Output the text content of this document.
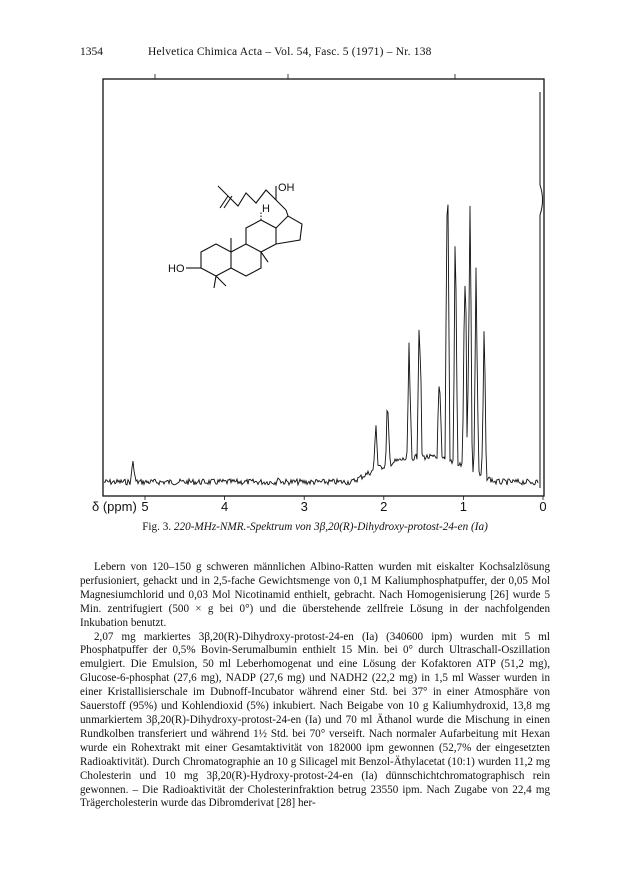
1354	Helvetica Chimica Acta – Vol. 54, Fasc. 5 (1971) – Nr. 138
OH
H
HO
δ (ppm) 5	4	3	2	1	0
Fig. 3. 220-MHz-NMR.-Spektrum von 3β,20(R)-Dihydroxy-protost-24-en (Ia)

Lebern von 120–150 g schweren männlichen Albino-Ratten wurden mit eiskalter Kochsalzlösung perfusioniert, gehackt und in 2,5-fache Gewichtsmenge von 0,1 M Kaliumphosphatpuffer, der 0,05 Mol Magnesiumchlorid und 0,03 Mol Nicotinamid enthielt, gebracht. Nach Homogenisierung [26] wurde 5 Min. zentrifugiert (500 × g bei 0°) und die überstehende zellfreie Lösung in der nachfolgenden Inkubation benutzt.

2,07 mg markiertes 3β,20(R)-Dihydroxy-protost-24-en (Ia) (340600 ipm) wurden mit 5 ml Phosphatpuffer der 0,5% Bovin-Serumalbumin enthielt 15 Min. bei 0° durch Ultraschall-Oszillation emulgiert. Die Emulsion, 50 ml Leberhomogenat und eine Lösung der Kofaktoren ATP (51,2 mg), Glucose-6-phosphat (27,6 mg), NADP (27,6 mg) und NADH2 (22,2 mg) in 1,5 ml Wasser wurden in einer Kristallisierschale im Dubnoff-Incubator während einer Std. bei 37° in einer Atmosphäre von Sauerstoff (95%) und Kohlendioxid (5%) inkubiert. Nach Beigabe von 10 g Kaliumhydroxid, 13,8 mg unmarkiertem 3β,20(R)-Dihydroxy-protost-24-en (Ia) und 70 ml Äthanol wurde die Mischung in einen Rundkolben transferiert und während 1½ Std. bei 70° verseift. Nach normaler Aufarbeitung mit Hexan wurde ein Rohextrakt mit einer Gesamtaktivität von 182000 ipm gewonnen (52,7% der eingesetzten Radioaktivität). Durch Chromatographie an 10 g Silicagel mit Benzol-Äthylacetat (10:1) wurden 11,2 mg Cholesterin und 10 mg 3β,20(R)-Hydroxy-protost-24-en (Ia) dünnschichtchromatographisch rein gewonnen. – Die Radioaktivität der Cholesterinfraktion betrug 23550 ipm. Nach Zugabe von 22,4 mg Trägercholesterin wurde das Dibromderivat [28] her-
